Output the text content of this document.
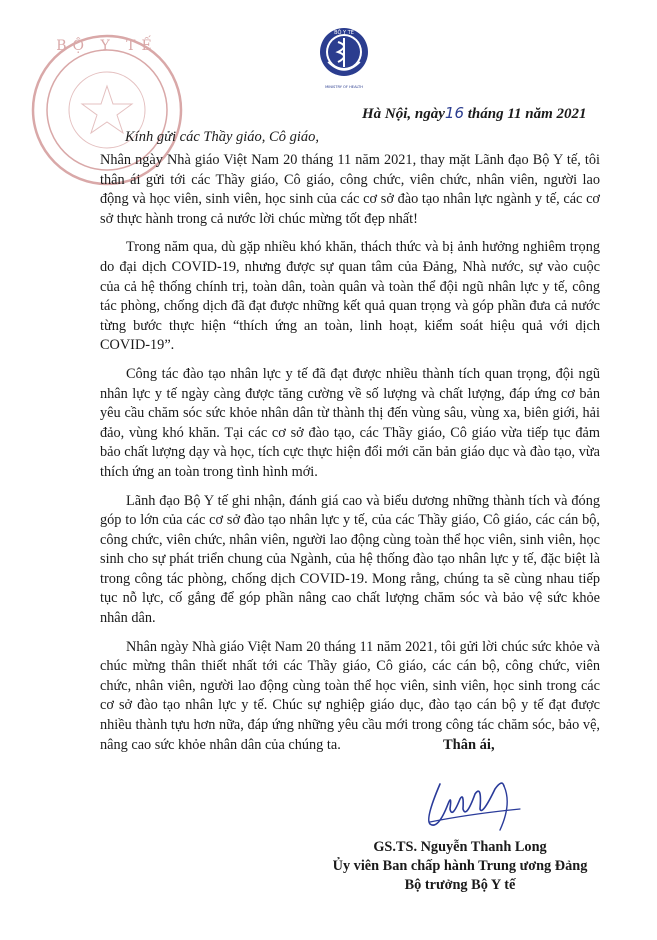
BỘ Y TẾ
MINISTRY OF HEALTH
BỘ Y TẾ
Hà Nội, ngày16 tháng 11 năm 2021
Kính gửi các Thầy giáo, Cô giáo,

Nhân ngày Nhà giáo Việt Nam 20 tháng 11 năm 2021, thay mặt Lãnh đạo Bộ Y tế, tôi thân ái gửi tới các Thầy giáo, Cô giáo, công chức, viên chức, nhân viên, người lao động và học viên, sinh viên, học sinh của các cơ sở đào tạo nhân lực ngành y tế, các cơ sở thực hành trong cả nước lời chúc mừng tốt đẹp nhất!

Trong năm qua, dù gặp nhiều khó khăn, thách thức và bị ảnh hưởng nghiêm trọng do đại dịch COVID-19, nhưng được sự quan tâm của Đảng, Nhà nước, sự vào cuộc của cả hệ thống chính trị, toàn dân, toàn quân và toàn thể đội ngũ nhân lực y tế, công tác phòng, chống dịch đã đạt được những kết quả quan trọng và góp phần đưa cả nước từng bước thực hiện “thích ứng an toàn, linh hoạt, kiểm soát hiệu quả với dịch COVID-19”.

Công tác đào tạo nhân lực y tế đã đạt được nhiều thành tích quan trọng, đội ngũ nhân lực y tế ngày càng được tăng cường về số lượng và chất lượng, đáp ứng cơ bản yêu cầu chăm sóc sức khỏe nhân dân từ thành thị đến vùng sâu, vùng xa, biên giới, hải đảo, vùng khó khăn. Tại các cơ sở đào tạo, các Thầy giáo, Cô giáo vừa tiếp tục đảm bảo chất lượng dạy và học, tích cực thực hiện đổi mới căn bản giáo dục và đào tạo, vừa thích ứng an toàn trong tình hình mới.

Lãnh đạo Bộ Y tế ghi nhận, đánh giá cao và biểu dương những thành tích và đóng góp to lớn của các cơ sở đào tạo nhân lực y tế, của các Thầy giáo, Cô giáo, các cán bộ, công chức, viên chức, nhân viên, người lao động cùng toàn thể học viên, sinh viên, học sinh cho sự phát triển chung của Ngành, của hệ thống đào tạo nhân lực y tế, đặc biệt là trong công tác phòng, chống dịch COVID-19. Mong rằng, chúng ta sẽ cùng nhau tiếp tục nỗ lực, cố gắng để góp phần nâng cao chất lượng chăm sóc và bảo vệ sức khỏe nhân dân.

Nhân ngày Nhà giáo Việt Nam 20 tháng 11 năm 2021, tôi gửi lời chúc sức khỏe và chúc mừng thân thiết nhất tới các Thầy giáo, Cô giáo, các cán bộ, công chức, viên chức, nhân viên, người lao động cùng toàn thể học viên, sinh viên, học sinh trong các cơ sở đào tạo nhân lực y tế. Chúc sự nghiệp giáo dục, đào tạo cán bộ y tế đạt được nhiều thành tựu hơn nữa, đáp ứng những yêu cầu mới trong công tác chăm sóc, bảo vệ, nâng cao sức khỏe nhân dân của chúng ta.	Thân ái,
GS.TS. Nguyễn Thanh Long
Ủy viên Ban chấp hành Trung ương Đảng
Bộ trưởng Bộ Y tế
